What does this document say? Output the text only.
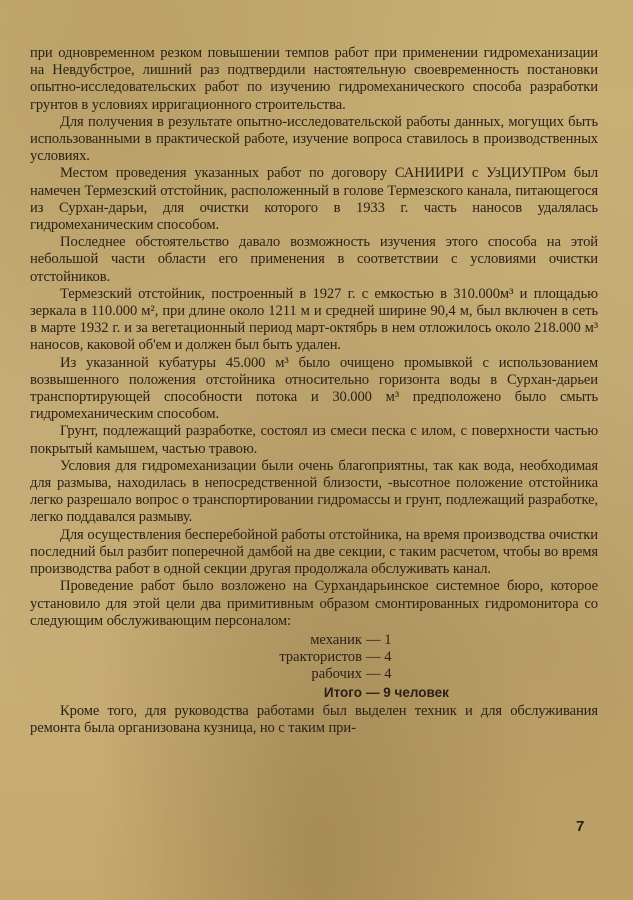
при одновременном резком повышении темпов работ при применении гидромеханизации на Невдубстрое, лишний раз подтвердили настоятельную своевременность постановки опытно-исследовательских работ по изучению гидромеханического способа разработки грунтов в условиях ирригационного строительства.

Для получения в результате опытно-исследовательской работы данных, могущих быть использованными в практической работе, изучение вопроса ставилось в производственных условиях.

Местом проведения указанных работ по договору САНИИРИ с УзЦИУПРом был намечен Термезский отстойник, расположенный в голове Термезского канала, питающегося из Сурхан-дарьи, для очистки которого в 1933 г. часть наносов удалялась гидромеханическим способом.

Последнее обстоятельство давало возможность изучения этого способа на этой небольшой части области его применения в соответствии с условиями очистки отстойников.

Термезский отстойник, построенный в 1927 г. с емкостью в 310.000м³ и площадью зеркала в 110.000 м², при длине около 1211 м и средней ширине 90,4 м, был включен в сеть в марте 1932 г. и за вегетационный период март-октябрь в нем отложилось около 218.000 м³ наносов, каковой об'ем и должен был быть удален.

Из указанной кубатуры 45.000 м³ было очищено промывкой с использованием возвышенного положения отстойника относительно горизонта воды в Сурхан-дарьеи транспортирующей способности потока и 30.000 м³ предположено было смыть гидромеханическим способом.

Грунт, подлежащий разработке, состоял из смеси песка с илом, с поверхности частью покрытый камышем, частью травою.

Условия для гидромеханизации были очень благоприятны, так как вода, необходимая для размыва, находилась в непосредственной близости, -высотное положение отстойника легко разрешало вопрос о транспортировании гидромассы и грунт, подлежащий разработке, легко поддавался размыву.

Для осуществления бесперебойной работы отстойника, на время производства очистки последний был разбит поперечной дамбой на две секции, с таким расчетом, чтобы во время производства работ в одной секции другая продолжала обслуживать канал.

Проведение работ было возложено на Сурхандарьинское системное бюро, которое установило для этой цели два примитивным образом смонтированных гидромонитора со следующим обслуживающим персоналом:

механик — 1
трактористов — 4
рабочих — 4
Итого — 9 человек

Кроме того, для руководства работами был выделен техник и для обслуживания ремонта была организована кузница, но с таким при-

7
